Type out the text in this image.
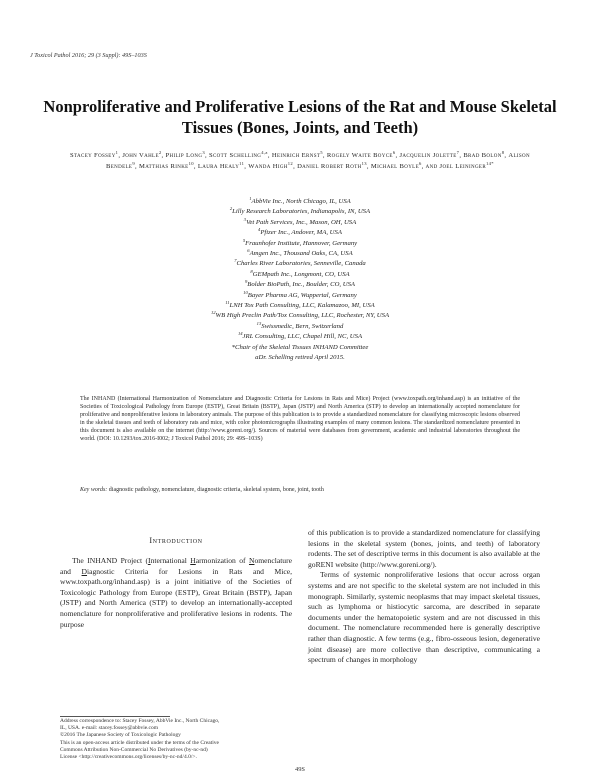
J Toxicol Pathol 2016; 29 (3 Suppl): 49S–103S
Nonproliferative and Proliferative Lesions of the Rat and Mouse Skeletal Tissues (Bones, Joints, and Teeth)
Stacey Fossey$^1$, John Vahle$^2$, Philip Long$^3$, Scott Schelling$^{4,a}$, Heinrich Ernst$^5$, Rogely Waite Boyce$^6$, Jacquelin Jolette$^7$, Brad Bolon$^8$, Alison Bendele$^9$, Matthias Rinke$^{10}$, Laura Healy$^{11}$, Wanda High$^{12}$, Daniel Robert Roth$^{13}$, Michael Boyle$^6$, and Joel Leininger$^{14*}$
$^1$AbbVie Inc., North Chicago, IL, USA
$^2$Lilly Research Laboratories, Indianapolis, IN, USA
$^3$Vet Path Services, Inc., Mason, OH, USA
$^4$Pfizer Inc., Andover, MA, USA
$^5$Fraunhofer Institute, Hannover, Germany
$^6$Amgen Inc., Thousand Oaks, CA, USA
$^7$Charles River Laboratories, Senneville, Canada
$^8$GEMpath Inc., Longmont, CO, USA
$^9$Bolder BioPath, Inc., Boulder, CO, USA
$^{10}$Bayer Pharma AG, Wuppertal, Germany
$^{11}$LNH Tox Path Consulting, LLC, Kalamazoo, MI, USA
$^{12}$WB High Preclin Path/Tox Consulting, LLC, Rochester, NY, USA
$^{13}$Swissmedic, Bern, Switzerland
$^{14}$JRL Consulting, LLC, Chapel Hill, NC, USA
*Chair of the Skeletal Tissues INHAND Committee
aDr. Schelling retired April 2015.
The INHAND (International Harmonization of Nomenclature and Diagnostic Criteria for Lesions in Rats and Mice) Project (www.toxpath.org/inhand.asp) is an initiative of the Societies of Toxicological Pathology from Europe (ESTP), Great Britain (BSTP), Japan (JSTP) and North America (STP) to develop an internationally accepted nomenclature for proliferative and nonproliferative lesions in laboratory animals. The purpose of this publication is to provide a standardized nomenclature for classifying microscopic lesions observed in the skeletal tissues and teeth of laboratory rats and mice, with color photomicrographs illustrating examples of many common lesions. The standardized nomenclature presented in this document is also available on the internet (http://www.goreni.org/). Sources of material were databases from government, academic and industrial laboratories throughout the world. (DOI: 10.1293/tox.2016-I002; J Toxicol Pathol 2016; 29: 49S–103S)
Key words: diagnostic pathology, nomenclature, diagnostic criteria, skeletal system, bone, joint, tooth
Introduction

The INHAND Project (International Harmonization of Nomenclature and Diagnostic Criteria for Lesions in Rats and Mice, www.toxpath.org/inhand.asp) is a joint initiative of the Societies of Toxicologic Pathology from Europe (ESTP), Great Britain (BSTP), Japan (JSTP) and North America (STP) to develop an internationally-accepted nomenclature for nonproliferative and proliferative lesions in rodents. The purpose

of this publication is to provide a standardized nomenclature for classifying lesions in the skeletal system (bones, joints, and teeth) of laboratory rodents. The set of descriptive terms in this document is also available at the goRENI website (http://www.goreni.org/).

Terms of systemic nonproliferative lesions that occur across organ systems and are not specific to the skeletal system are not included in this monograph. Similarly, systemic neoplasms that may impact skeletal tissues, such as lymphoma or histiocytic sarcoma, are described in separate documents under the hematopoietic system and are not discussed in this document. The nomenclature recommended here is generally descriptive rather than diagnostic. A few terms (e.g., fibro-osseous lesion, degenerative joint disease) are more collective than descriptive, communicating a spectrum of changes in morphology

Address correspondence to: Stacey Fossey, AbbVie Inc., North Chicago,
IL, USA. e-mail: stacey.fossey@abbvie.com
©2016 The Japanese Society of Toxicologic Pathology
This is an open-access article distributed under the terms of the Creative
Commons Attribution Non-Commercial No Derivatives (by-nc-nd)
License <http://creativecommons.org/licenses/by-nc-nd/4.0/>.
49S
